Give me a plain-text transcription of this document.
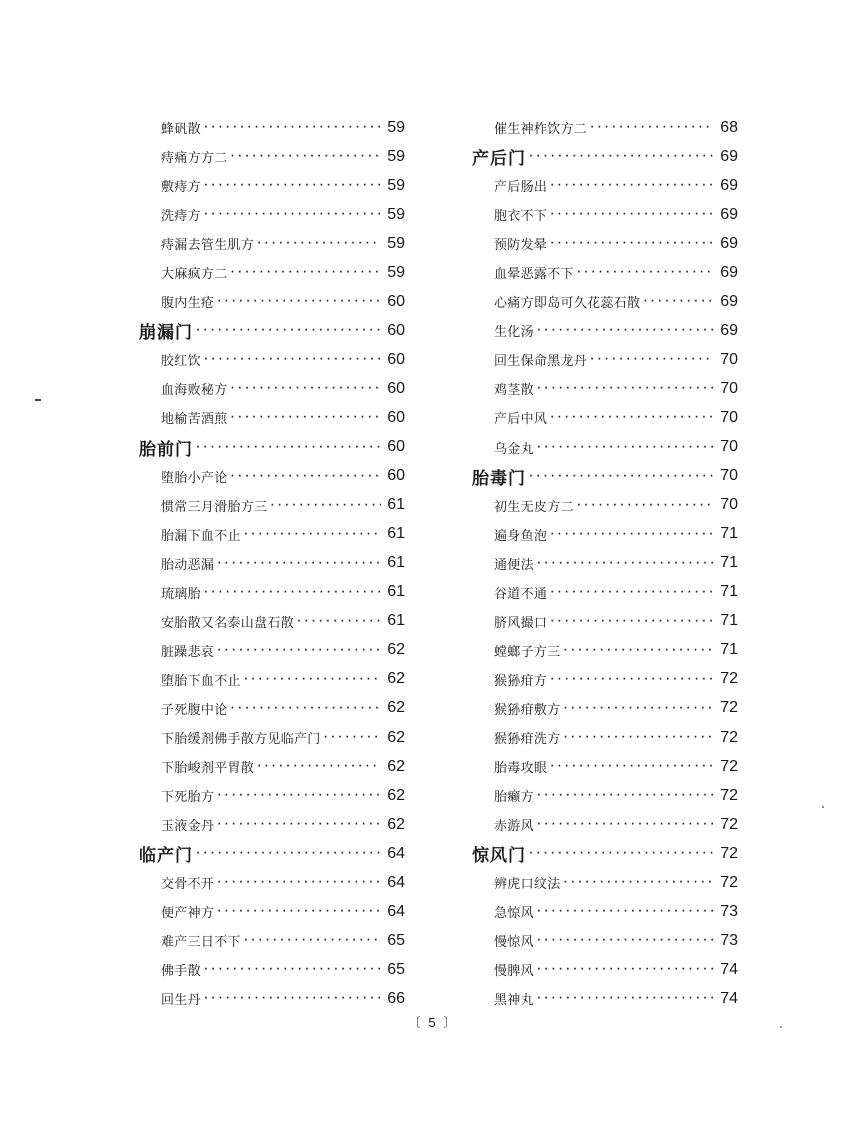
蜂矾散 ·····	59
痔痛方方二 ·····	59
敷痔方 ·····	59
洗痔方 ·····	59
痔漏去管生肌方 ·····	59
大麻疯方二 ·····	59
腹内生疮 ·····	60
崩漏门 ·····	60
胶红饮 ·····	60
血海败秘方 ·····	60
地榆苦酒煎 ·····	60
胎前门 ·····	60
堕胎小产论 ·····	60
惯常三月滑胎方三 ·····	61
胎漏下血不止 ·····	61
胎动恶漏 ·····	61
琉璃胎 ·····	61
安胎散又名泰山盘石散 ·····	61
脏躁悲哀 ·····	62
堕胎下血不止 ·····	62
子死腹中论 ·····	62
下胎缓剂佛手散方见临产门 ·····	62
下胎峻剂平胃散 ·····	62
下死胎方 ·····	62
玉液金丹 ·····	62
临产门 ·····	64
交骨不开 ·····	64
便产神方 ·····	64
难产三日不下 ·····	65
佛手散 ·····	65
回生丹 ·····	66
催生神柞饮方二 ·····	68
产后门 ·····	69
产后肠出 ·····	69
胞衣不下 ·····	69
预防发晕 ·····	69
血晕恶露不下 ·····	69
心痛方即岛可久花蕊石散 ·····	69
生化汤 ·····	69
回生保命黑龙丹 ·····	70
鸡茎散 ·····	70
产后中风 ·····	70
乌金丸 ·····	70
胎毒门 ·····	70
初生无皮方二 ·····	70
遍身鱼泡 ·····	71
通便法 ·····	71
谷道不通 ·····	71
脐风撮口 ·····	71
螳螂子方三 ·····	71
猴狲疳方 ·····	72
猴狲疳敷方 ·····	72
猴狲疳洗方 ·····	72
胎毒攻眼 ·····	72
胎癞方 ·····	72
赤游风 ·····	72
惊风门 ·····	72
辨虎口纹法 ·····	72
急惊风 ·····	73
慢惊风 ·····	73
慢脾风 ·····	74
黑神丸 ·····	74
〔 5 〕
